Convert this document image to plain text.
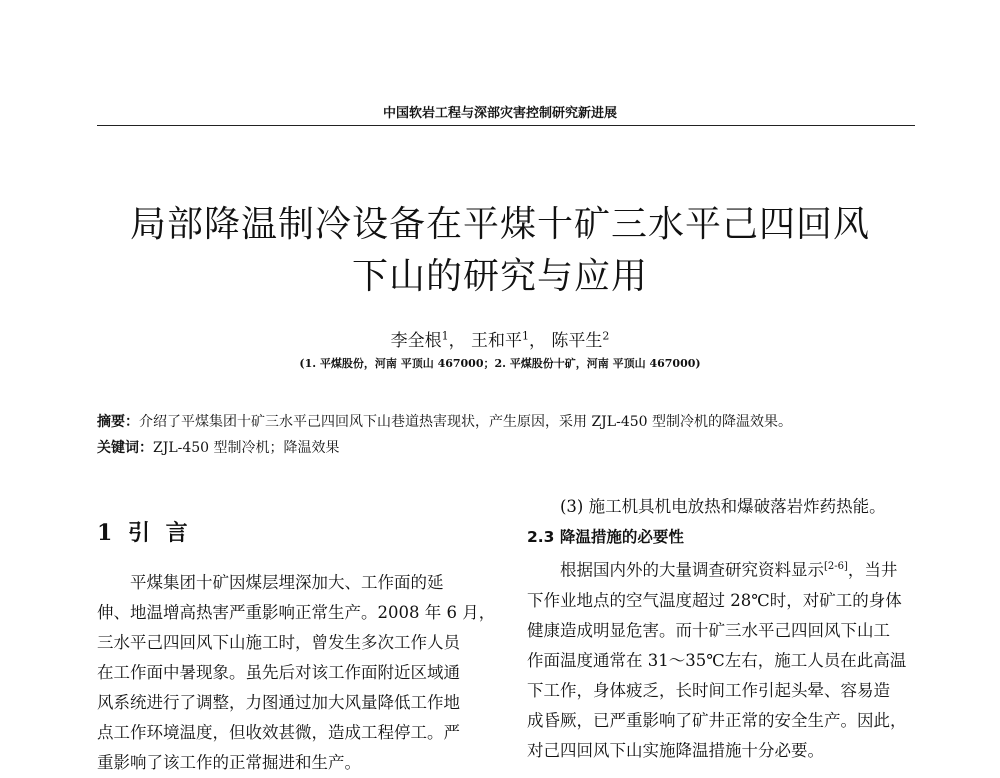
中国软岩工程与深部灾害控制研究新进展
局部降温制冷设备在平煤十矿三水平己四回风
下山的研究与应用
李全根$^1$， 王和平$^1$， 陈平生$^2$
(1. 平煤股份，河南 平顶山 467000；2. 平煤股份十矿，河南 平顶山 467000)
摘要：介绍了平煤集团十矿三水平己四回风下山巷道热害现状，产生原因，采用 ZJL-450 型制冷机的降温效果。
关键词：ZJL-450 型制冷机；降温效果
1 引 言
平煤集团十矿因煤层埋深加大、工作面的延
伸、地温增高热害严重影响正常生产。2008 年 6 月，
三水平己四回风下山施工时，曾发生多次工作人员
在工作面中暑现象。虽先后对该工作面附近区域通
风系统进行了调整，力图通过加大风量降低工作地
点工作环境温度，但收效甚微，造成工程停工。严
重影响了该工作的正常掘进和生产。
(3) 施工机具机电放热和爆破落岩炸药热能。
2.3 降温措施的必要性
根据国内外的大量调查研究资料显示[2-6]，当井
下作业地点的空气温度超过 28℃时，对矿工的身体
健康造成明显危害。而十矿三水平己四回风下山工
作面温度通常在 31～35℃左右，施工人员在此高温
下工作，身体疲乏，长时间工作引起头晕、容易造
成昏厥，已严重影响了矿井正常的安全生产。因此，
对己四回风下山实施降温措施十分必要。
